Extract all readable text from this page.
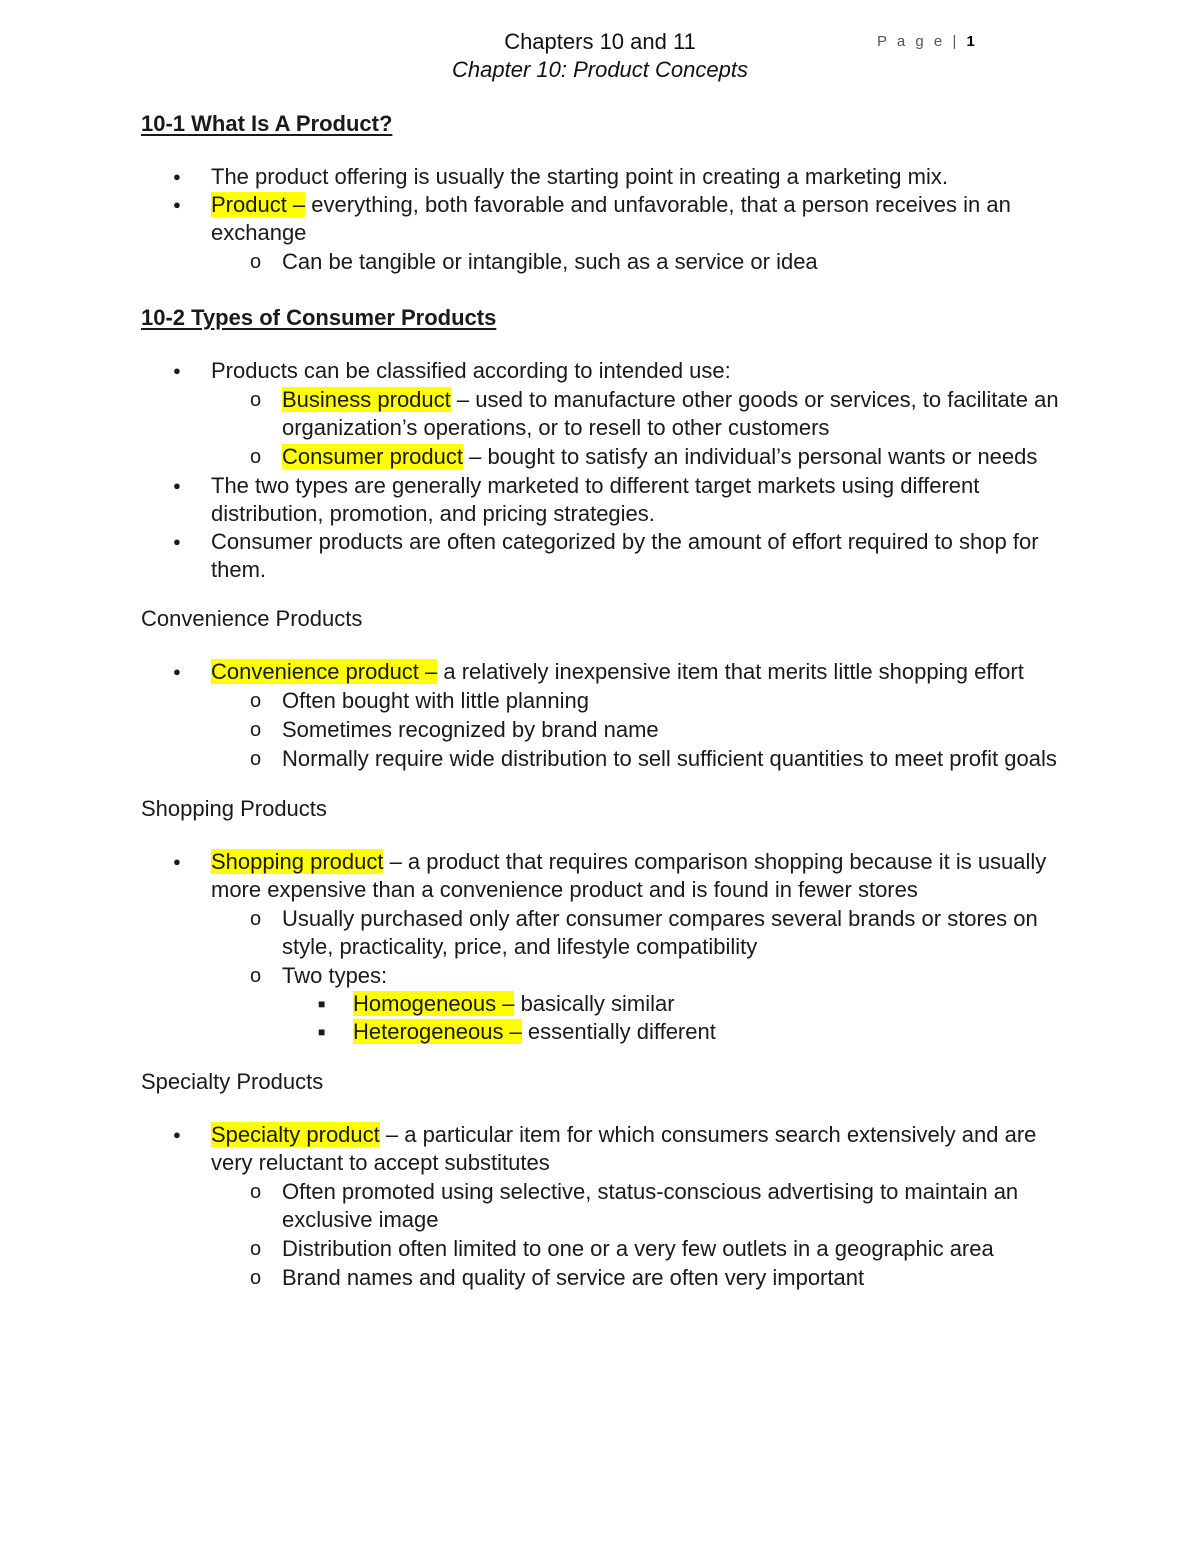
Chapters 10 and 11	P a g e | 1
Chapter 10: Product Concepts
10-1 What Is A Product?
● The product offering is usually the starting point in creating a marketing mix.
● Product – everything, both favorable and unfavorable, that a person receives in an exchange
o Can be tangible or intangible, such as a service or idea
10-2 Types of Consumer Products
● Products can be classified according to intended use:
o Business product – used to manufacture other goods or services, to facilitate an organization’s operations, or to resell to other customers
o Consumer product – bought to satisfy an individual’s personal wants or needs
● The two types are generally marketed to different target markets using different distribution, promotion, and pricing strategies.
● Consumer products are often categorized by the amount of effort required to shop for them.
Convenience Products
● Convenience product – a relatively inexpensive item that merits little shopping effort
o Often bought with little planning
o Sometimes recognized by brand name
o Normally require wide distribution to sell sufficient quantities to meet profit goals
Shopping Products
● Shopping product – a product that requires comparison shopping because it is usually more expensive than a convenience product and is found in fewer stores
o Usually purchased only after consumer compares several brands or stores on style, practicality, price, and lifestyle compatibility
o Two types:
■ Homogeneous – basically similar
■ Heterogeneous – essentially different
Specialty Products
● Specialty product – a particular item for which consumers search extensively and are very reluctant to accept substitutes
o Often promoted using selective, status-conscious advertising to maintain an exclusive image
o Distribution often limited to one or a very few outlets in a geographic area
o Brand names and quality of service are often very important
